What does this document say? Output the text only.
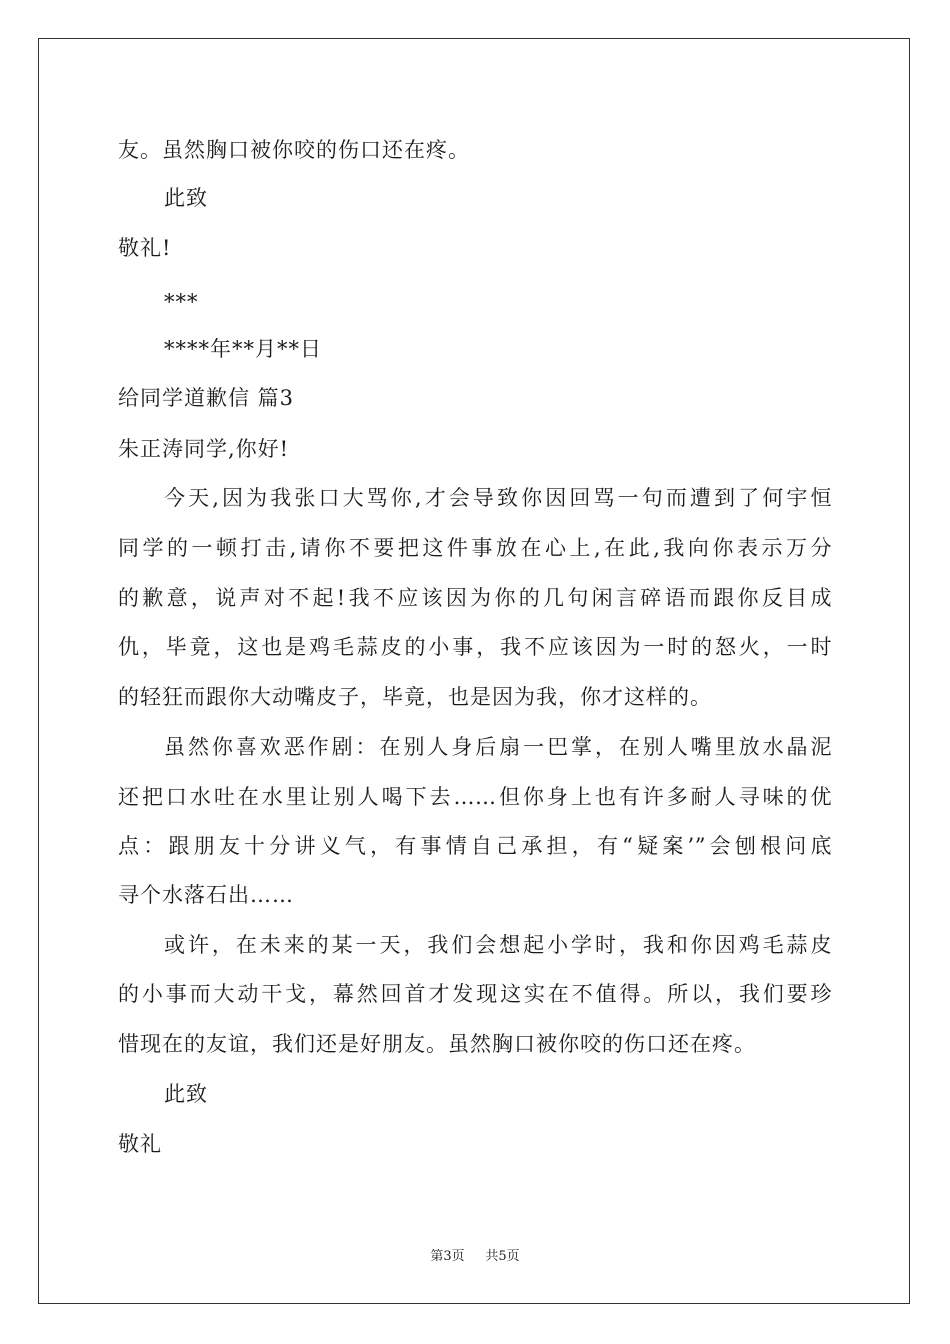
友。虽然胸口被你咬的伤口还在疼。
此致
敬礼!
***
****年**月**日
给同学道歉信 篇3
朱正涛同学,你好!
今天,因为我张口大骂你,才会导致你因回骂一句而遭到了何宇恒
同学的一顿打击,请你不要把这件事放在心上,在此,我向你表示万分
的歉意，说声对不起!我不应该因为你的几句闲言碎语而跟你反目成
仇，毕竟，这也是鸡毛蒜皮的小事，我不应该因为一时的怒火，一时
的轻狂而跟你大动嘴皮子，毕竟，也是因为我，你才这样的。
虽然你喜欢恶作剧：在别人身后扇一巴掌，在别人嘴里放水晶泥
还把口水吐在水里让别人喝下去……但你身上也有许多耐人寻味的优
点：跟朋友十分讲义气，有事情自己承担，有“疑案’”会刨根问底
寻个水落石出……
或许，在未来的某一天，我们会想起小学时，我和你因鸡毛蒜皮
的小事而大动干戈，幕然回首才发现这实在不值得。所以，我们要珍
惜现在的友谊，我们还是好朋友。虽然胸口被你咬的伤口还在疼。
此致
敬礼
第3页 共5页
